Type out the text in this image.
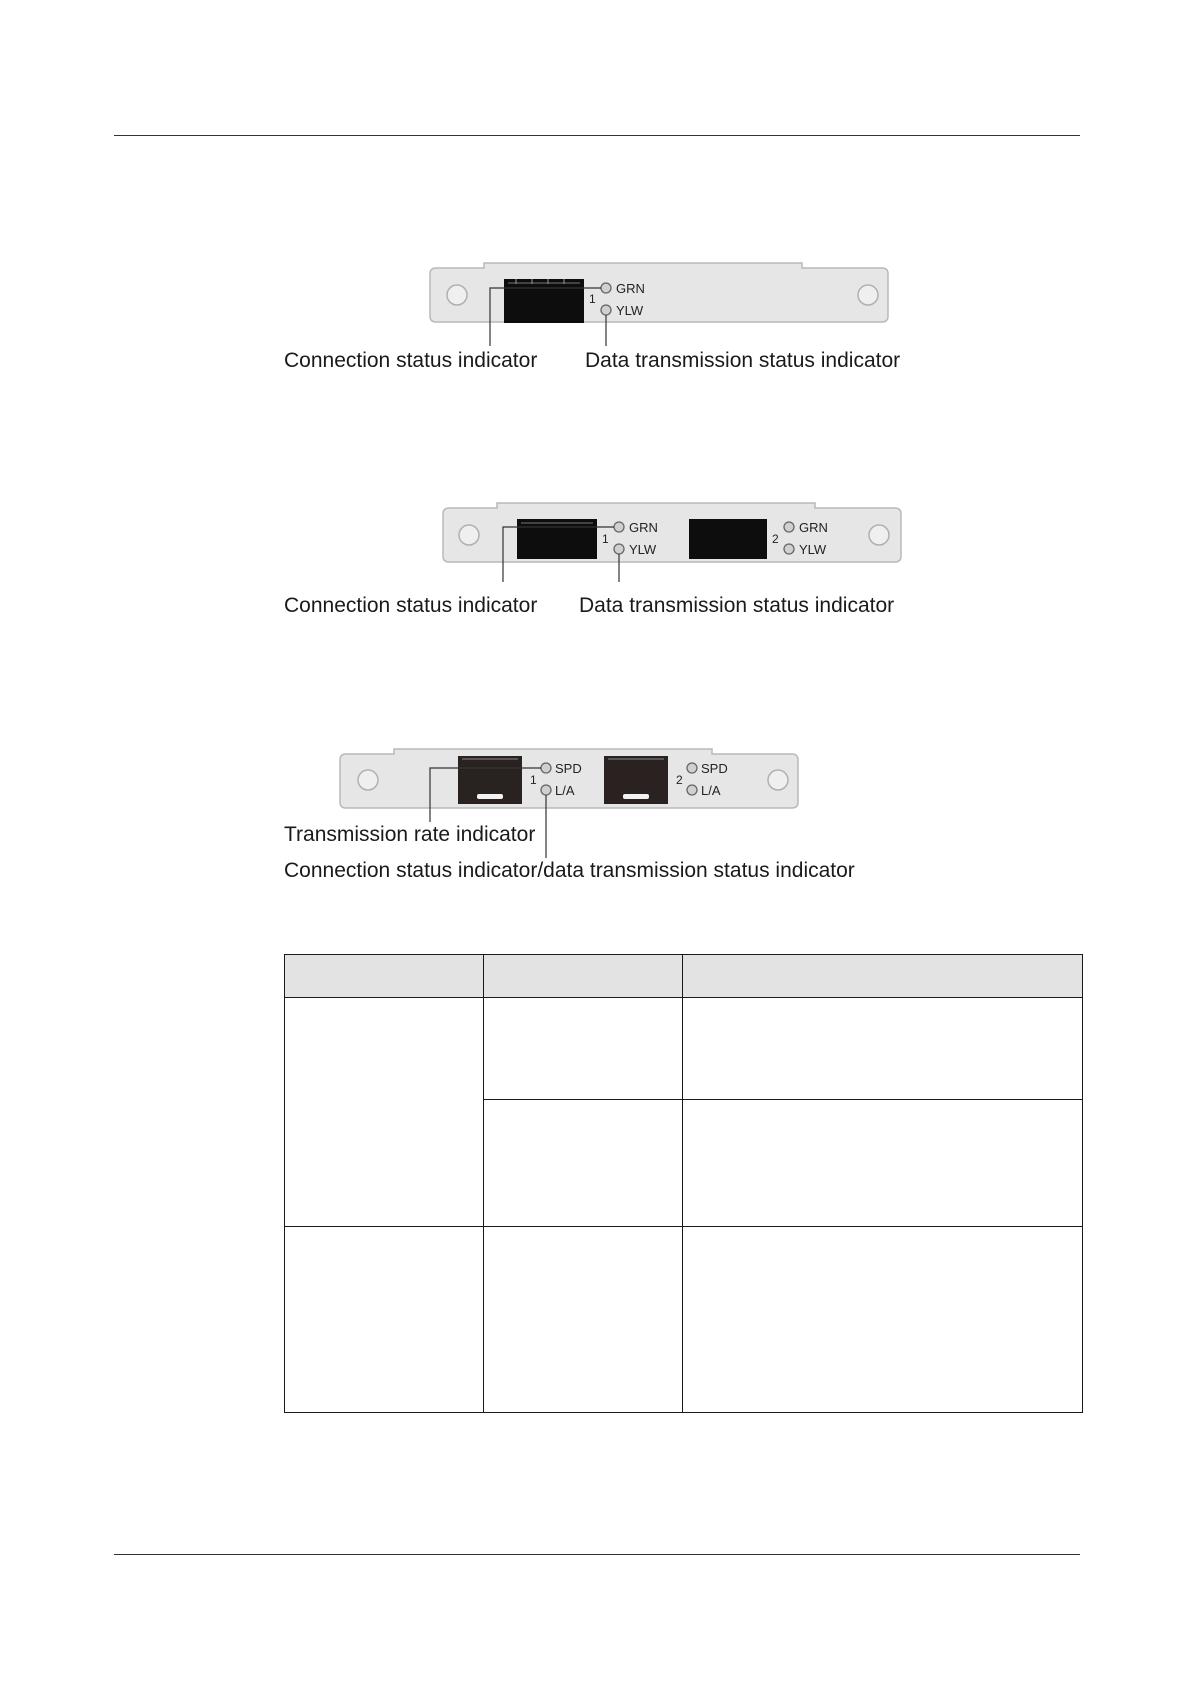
1
GRN
YLW
Connection status indicator Data transmission status indicator
1
GRN
YLW
2
GRN
YLW
Connection status indicator Data transmission status indicator
1
SPD
L/A
2
SPD
L/A
Transmission rate indicator
Connection status indicator/data transmission status indicator
